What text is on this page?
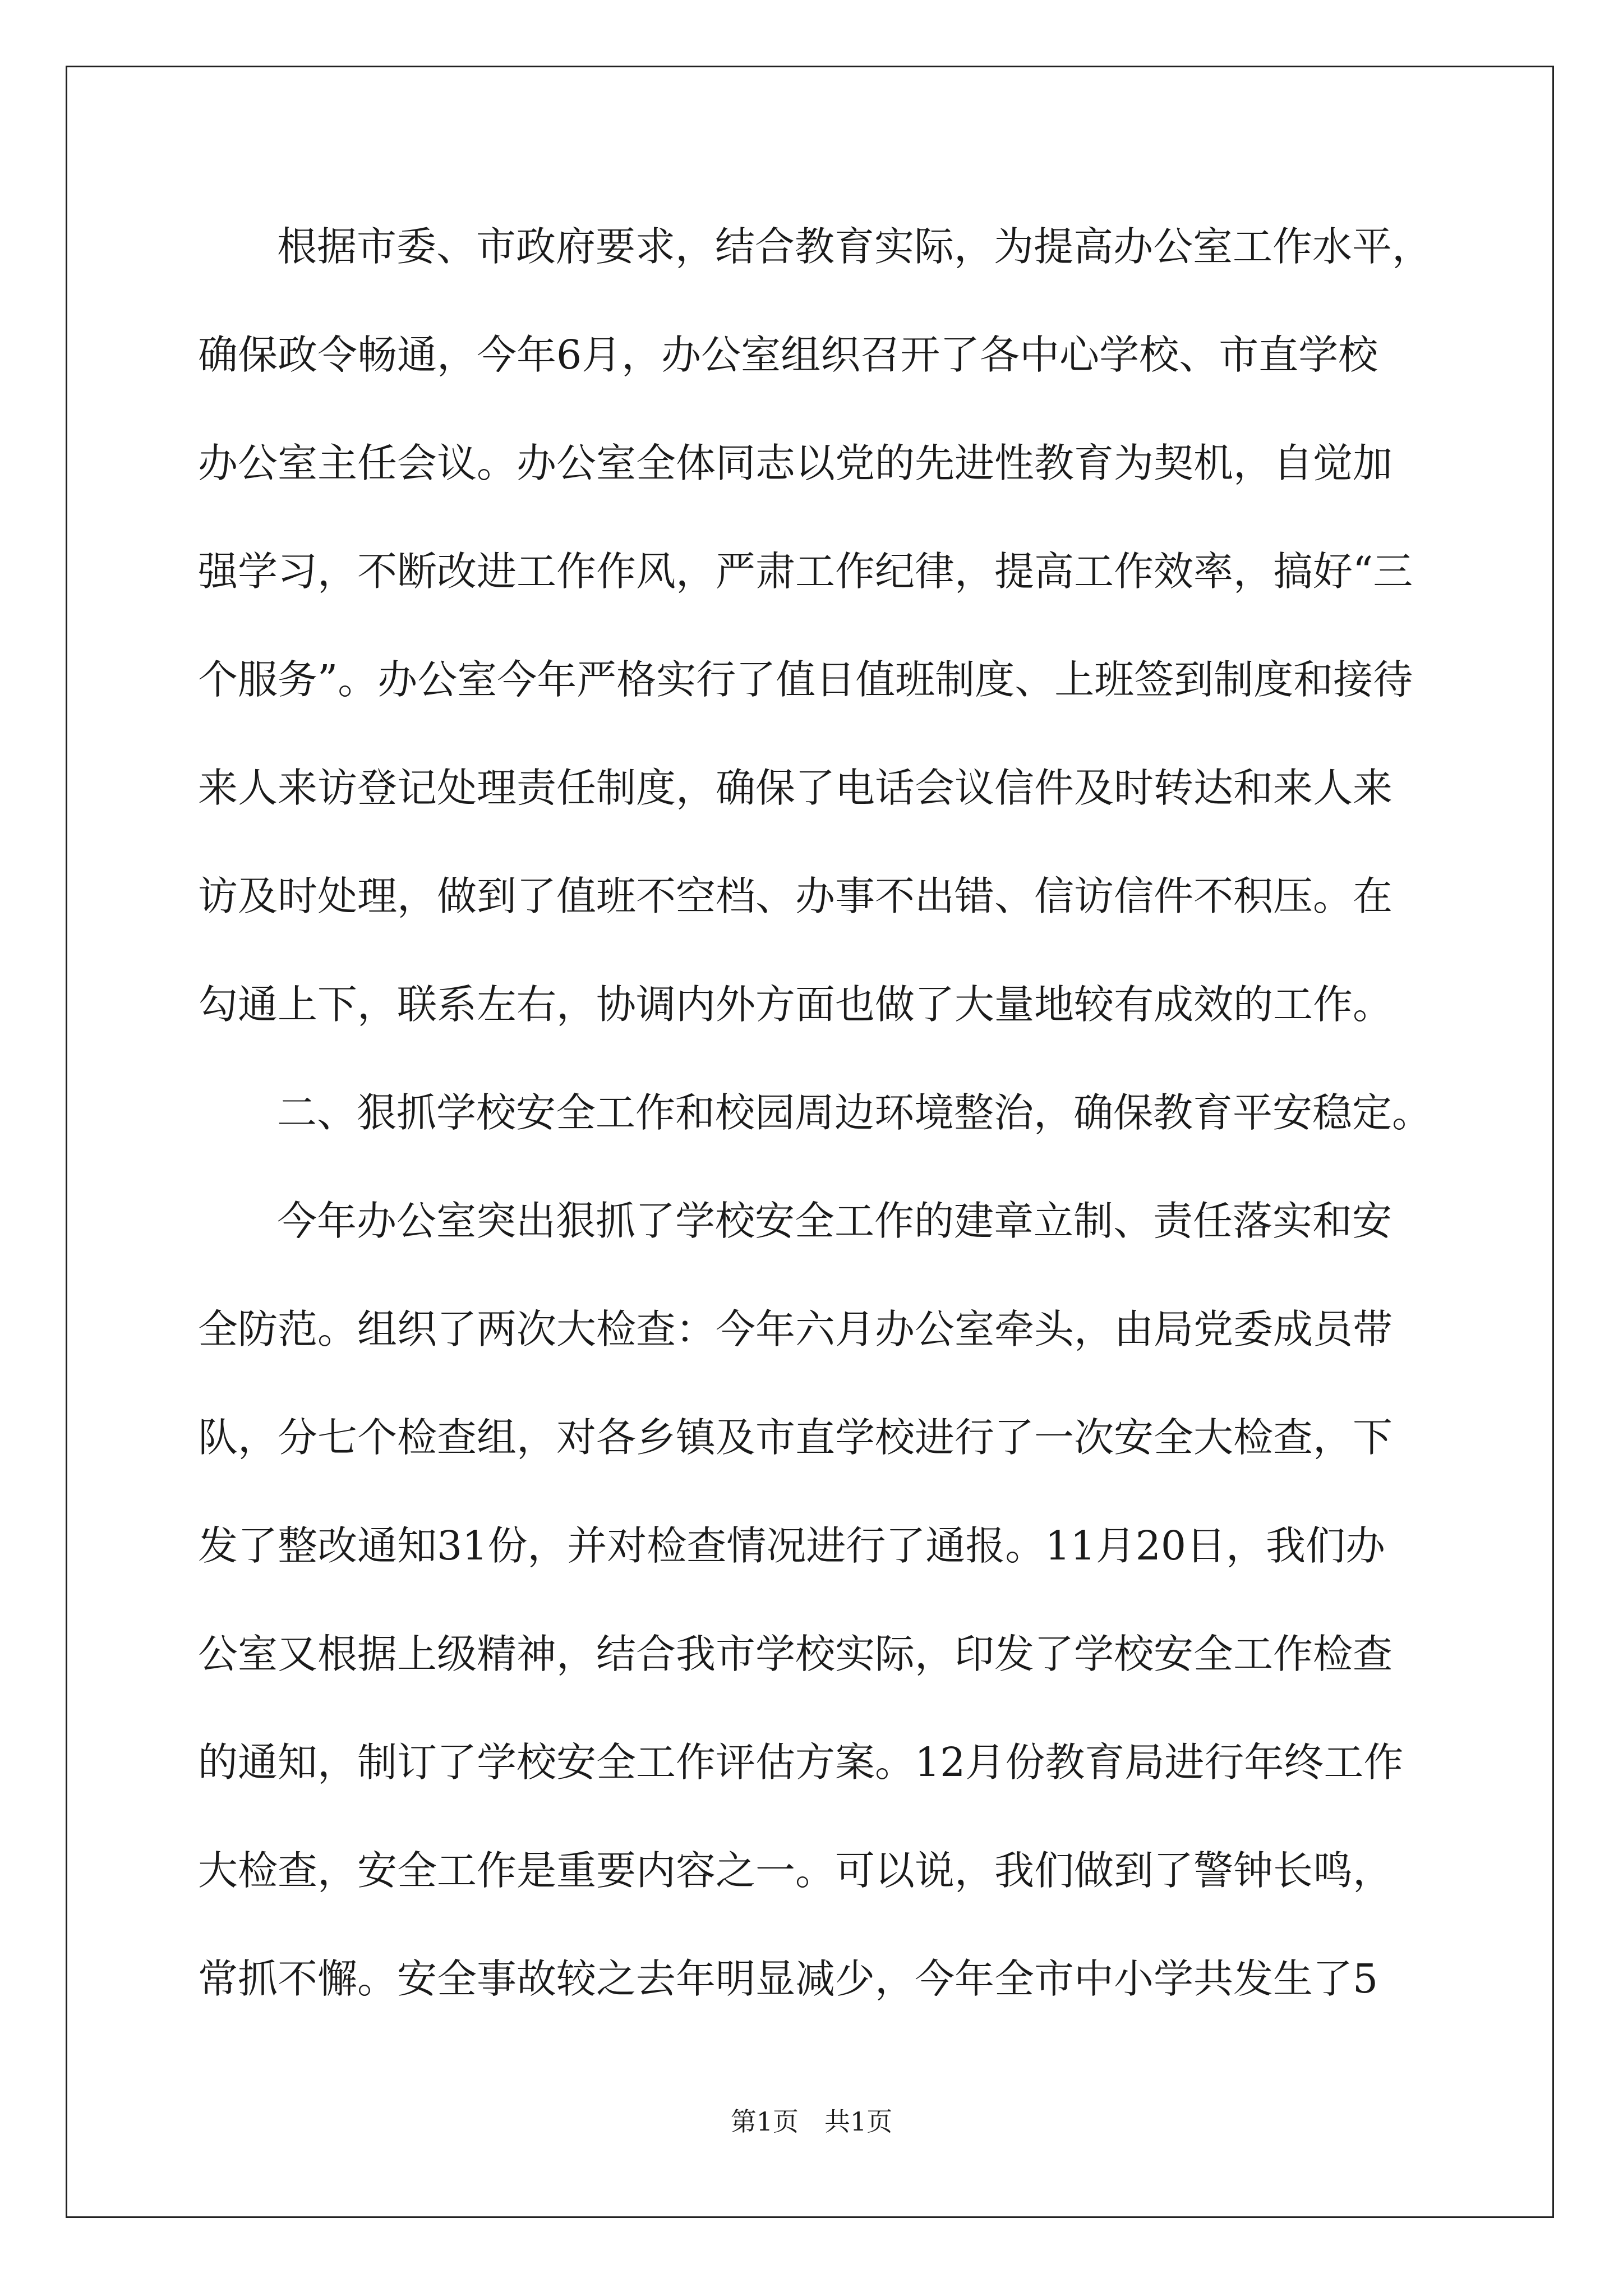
根据市委、市政府要求，结合教育实际，为提高办公室工作水平，
确保政令畅通，今年6月，办公室组织召开了各中心学校、市直学校
办公室主任会议。办公室全体同志以党的先进性教育为契机，自觉加
强学习，不断改进工作作风，严肃工作纪律，提高工作效率，搞好“三
个服务”。办公室今年严格实行了值日值班制度、上班签到制度和接待
来人来访登记处理责任制度，确保了电话会议信件及时转达和来人来
访及时处理，做到了值班不空档、办事不出错、信访信件不积压。在
勾通上下，联系左右，协调内外方面也做了大量地较有成效的工作。
二、狠抓学校安全工作和校园周边环境整治，确保教育平安稳定。
今年办公室突出狠抓了学校安全工作的建章立制、责任落实和安
全防范。组织了两次大检查：今年六月办公室牵头，由局党委成员带
队，分七个检查组，对各乡镇及市直学校进行了一次安全大检查，下
发了整改通知31份，并对检查情况进行了通报。11月20日，我们办
公室又根据上级精神，结合我市学校实际，印发了学校安全工作检查
的通知，制订了学校安全工作评估方案。12月份教育局进行年终工作
大检查，安全工作是重要内容之一。可以说，我们做到了警钟长鸣，
常抓不懈。安全事故较之去年明显减少，今年全市中小学共发生了5
第1页 共1页
